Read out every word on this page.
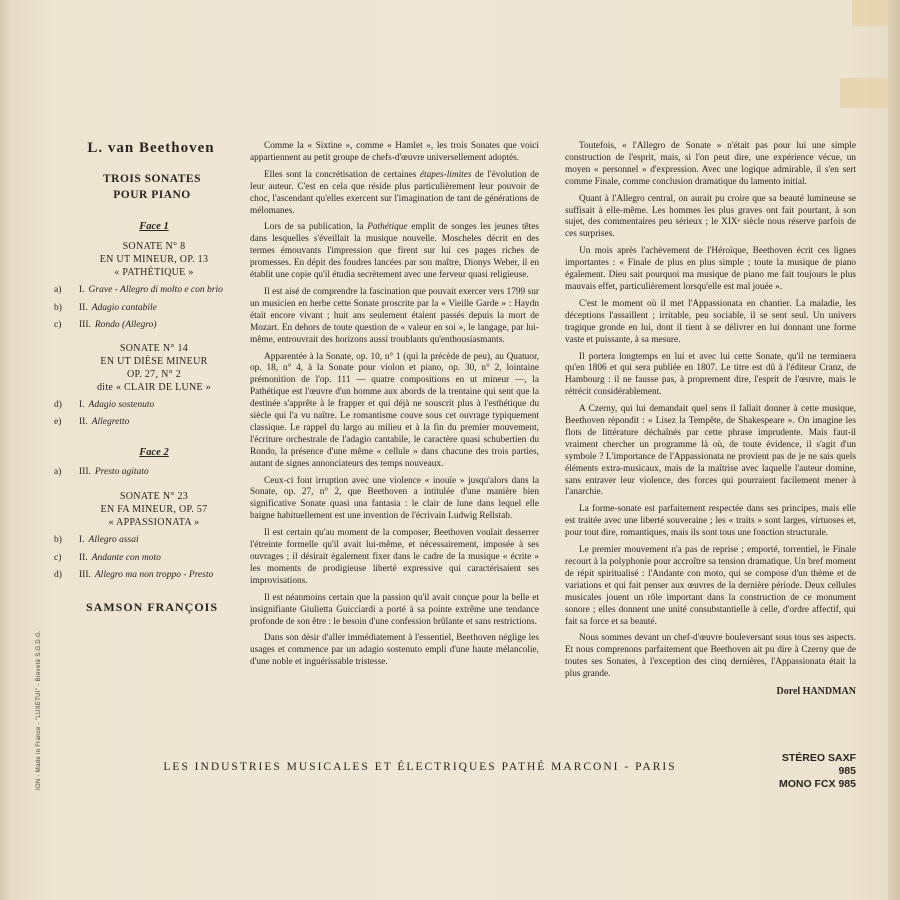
L. van Beethoven
TROIS SONATES
POUR PIANO
Face 1
SONATE N° 8
EN UT MINEUR, OP. 13
« PATHÉTIQUE »
a)	I. Grave - Allegro di molto e con brio
b)	II. Adagio cantabile
c)	III. Rondo (Allegro)
SONATE N° 14
EN UT DIÈSE MINEUR
OP. 27, N° 2
dite « CLAIR DE LUNE »
d)	I. Adagio sostenuto
e)	II. Allegretto
Face 2
a)	III. Presto agitato
SONATE N° 23
EN FA MINEUR, OP. 57
« APPASSIONATA »
b)	I. Allegro assai
c)	II. Andante con moto
d)	III. Allegro ma non troppo - Presto
SAMSON FRANÇOIS

Comme la « Sixtine », comme « Hamlet », les trois Sonates que voici appartiennent au petit groupe de chefs-d'œuvre universellement adoptés.

Elles sont la concrétisation de certaines étapes-limites de l'évolution de leur auteur. C'est en cela que réside plus particulièrement leur pouvoir de choc, l'ascendant qu'elles exercent sur l'imagination de tant de générations de mélomanes.

Lors de sa publication, la Pathétique emplit de songes les jeunes têtes dans lesquelles s'éveillait la musique nouvelle. Moscheles décrit en des termes émouvants l'impression que firent sur lui ces pages riches de promesses. En dépit des foudres lancées par son maître, Dionys Weber, il en établit une copie qu'il étudia secrètement avec une ferveur quasi religieuse.

Il est aisé de comprendre la fascination que pouvait exercer vers 1799 sur un musicien en herbe cette Sonate proscrite par la « Vieille Garde » : Haydn était encore vivant ; huit ans seulement étaient passés depuis la mort de Mozart. En dehors de toute question de « valeur en soi », le langage, par lui-même, entrouvrait des horizons aussi troublants qu'enthousiasmants.

Apparentée à la Sonate, op. 10, n° 1 (qui la précède de peu), au Quatuor, op. 18, n° 4, à la Sonate pour violon et piano, op. 30, n° 2, lointaine prémonition de l'op. 111 — quatre compositions en ut mineur —, la Pathétique est l'œuvre d'un homme aux abords de la trentaine qui sent que la destinée s'apprête à le frapper et qui déjà ne souscrit plus à l'esthétique du siècle qui l'a vu naître. Le romantisme couve sous cet ouvrage typiquement classique. Le rappel du largo au milieu et à la fin du premier mouvement, l'écriture orchestrale de l'adagio cantabile, le caractère quasi schubertien du Rondo, la présence d'une même « cellule » dans chacune des trois parties, autant de signes annonciateurs des temps nouveaux.

Ceux-ci font irruption avec une violence « inouïe » jusqu'alors dans la Sonate, op. 27, n° 2, que Beethoven a intitulée d'une manière bien significative Sonate quasi una fantasia : le clair de lune dans lequel elle baigne habituellement est une invention de l'écrivain Ludwig Rellstab.

Il est certain qu'au moment de la composer, Beethoven voulait desserrer l'étreinte formelle qu'il avait lui-même, et nécessairement, imposée à ses ouvrages ; il désirait également fixer dans le cadre de la musique « écrite » les moments de prodigieuse liberté expressive qui caractérisaient ses improvisations.

Il est néanmoins certain que la passion qu'il avait conçue pour la belle et insignifiante Giulietta Guicciardi a porté à sa pointe extrême une tendance profonde de son être : le besoin d'une confession brûlante et sans restrictions.

Dans son désir d'aller immédiatement à l'essentiel, Beethoven néglige les usages et commence par un adagio sostenuto empli d'une haute mélancolie, d'une noble et inguérissable tristesse.

Toutefois, « l'Allegro de Sonate » n'était pas pour lui une simple construction de l'esprit, mais, si l'on peut dire, une expérience vécue, un moyen « personnel » d'expression. Avec une logique admirable, il s'en sert comme Finale, comme conclusion dramatique du lamento initial.

Quant à l'Allegro central, on aurait pu croire que sa beauté lumineuse se suffisait à elle-même. Les hommes les plus graves ont fait pourtant, à son sujet, des commentaires peu sérieux ; le XIXᵉ siècle nous réserve parfois de ces surprises.

Un mois après l'achèvement de l'Héroïque, Beethoven écrit ces lignes importantes : « Finale de plus en plus simple ; toute la musique de piano également. Dieu sait pourquoi ma musique de piano me fait toujours le plus mauvais effet, particulièrement lorsqu'elle est mal jouée ».

C'est le moment où il met l'Appassionata en chantier. La maladie, les déceptions l'assaillent ; irritable, peu sociable, il se sent seul. Un univers tragique gronde en lui, dont il tient à se délivrer en lui donnant une forme vaste et puissante, à sa mesure.

Il portera longtemps en lui et avec lui cette Sonate, qu'il ne terminera qu'en 1806 et qui sera publiée en 1807. Le titre est dû à l'éditeur Cranz, de Hambourg : il ne fausse pas, à proprement dire, l'esprit de l'œuvre, mais le rétrécit considérablement.

A Czerny, qui lui demandait quel sens il fallait donner à cette musique, Beethoven répondit : « Lisez la Tempête, de Shakespeare ». On imagine les flots de littérature déchaînés par cette phrase imprudente. Mais faut-il vraiment chercher un programme là où, de toute évidence, il s'agit d'un symbole ? L'importance de l'Appassionata ne provient pas de je ne sais quels éléments extra-musicaux, mais de la maîtrise avec laquelle l'auteur domine, sans entraver leur violence, des forces qui pourraient facilement mener à l'anarchie.

La forme-sonate est parfaitement respectée dans ses principes, mais elle est traitée avec une liberté souveraine ; les « traits » sont larges, virtuoses et, pour tout dire, romantiques, mais ils sont tous une fonction structurale.

Le premier mouvement n'a pas de reprise ; emporté, torrentiel, le Finale recourt à la polyphonie pour accroître sa tension dramatique. Un bref moment de répit spiritualisé : l'Andante con moto, qui se compose d'un thème et de variations et qui fait penser aux œuvres de la dernière période. Deux cellules musicales jouent un rôle important dans la construction de ce monument sonore ; elles donnent une unité consubstantielle à celle, d'ordre affectif, qui fait sa force et sa beauté.

Nous sommes devant un chef-d'œuvre bouleversant sous tous ses aspects. Et nous comprenons parfaitement que Beethoven ait pu dire à Czerny que de toutes ses Sonates, à l'exception des cinq dernières, l'Appassionata était la plus grande.

Dorel HANDMAN
LES INDUSTRIES MUSICALES ET ÉLECTRIQUES PATHÉ MARCONI - PARIS
STÉREO SAXF 985
MONO FCX 985
ION - Made in France - "LUXETUI" - Breveté S.G.D.G.
